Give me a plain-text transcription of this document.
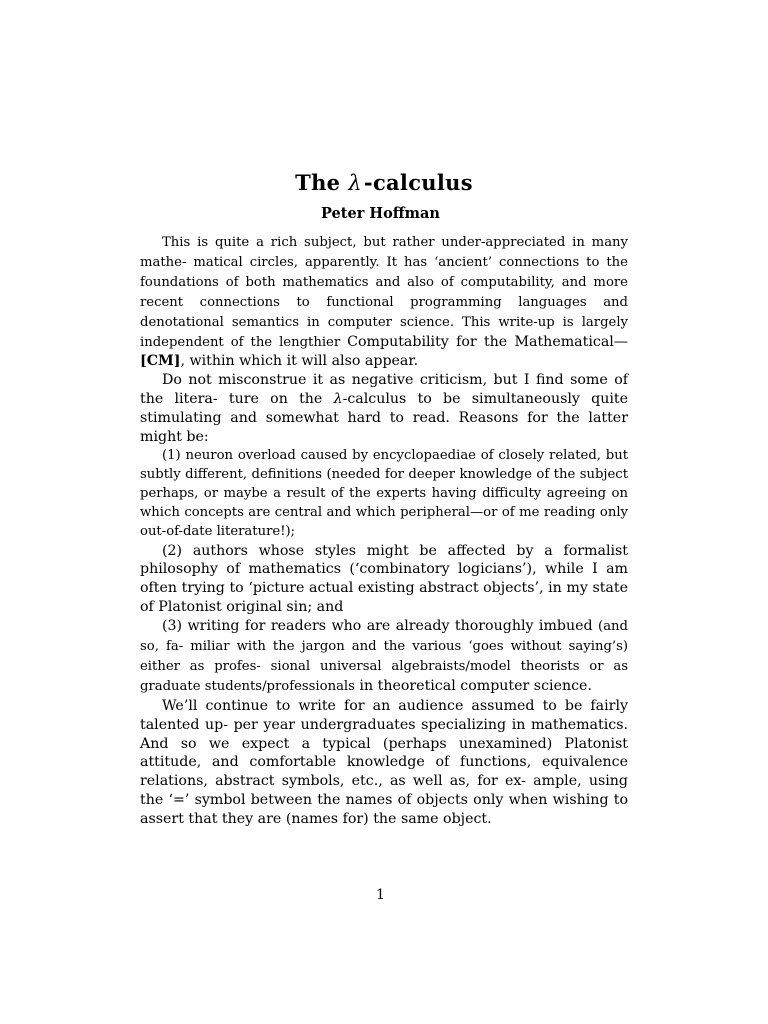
The λ-calculus
Peter Hoffman

This is quite a rich subject, but rather under-appreciated in many mathe- matical circles, apparently. It has ‘ancient’ connections to the foundations of both mathematics and also of computability, and more recent connections to functional programming languages and denotational semantics in computer science. This write-up is largely independent of the lengthier Computability for the Mathematical—[CM], within which it will also appear.

Do not misconstrue it as negative criticism, but I find some of the litera- ture on the λ-calculus to be simultaneously quite stimulating and somewhat hard to read. Reasons for the latter might be:

(1) neuron overload caused by encyclopaediae of closely related, but subtly different, definitions (needed for deeper knowledge of the subject perhaps, or maybe a result of the experts having difficulty agreeing on which concepts are central and which peripheral—or of me reading only out-of-date literature!);

(2) authors whose styles might be affected by a formalist philosophy of mathematics (‘combinatory logicians’), while I am often trying to ‘picture actual existing abstract objects’, in my state of Platonist original sin; and

(3) writing for readers who are already thoroughly imbued (and so, fa- miliar with the jargon and the various ‘goes without saying’s) either as profes- sional universal algebraists/model theorists or as graduate students/professionals in theoretical computer science.

We’ll continue to write for an audience assumed to be fairly talented up- per year undergraduates specializing in mathematics. And so we expect a typical (perhaps unexamined) Platonist attitude, and comfortable knowledge of functions, equivalence relations, abstract symbols, etc., as well as, for ex- ample, using the ‘=’ symbol between the names of objects only when wishing to assert that they are (names for) the same object.

1
